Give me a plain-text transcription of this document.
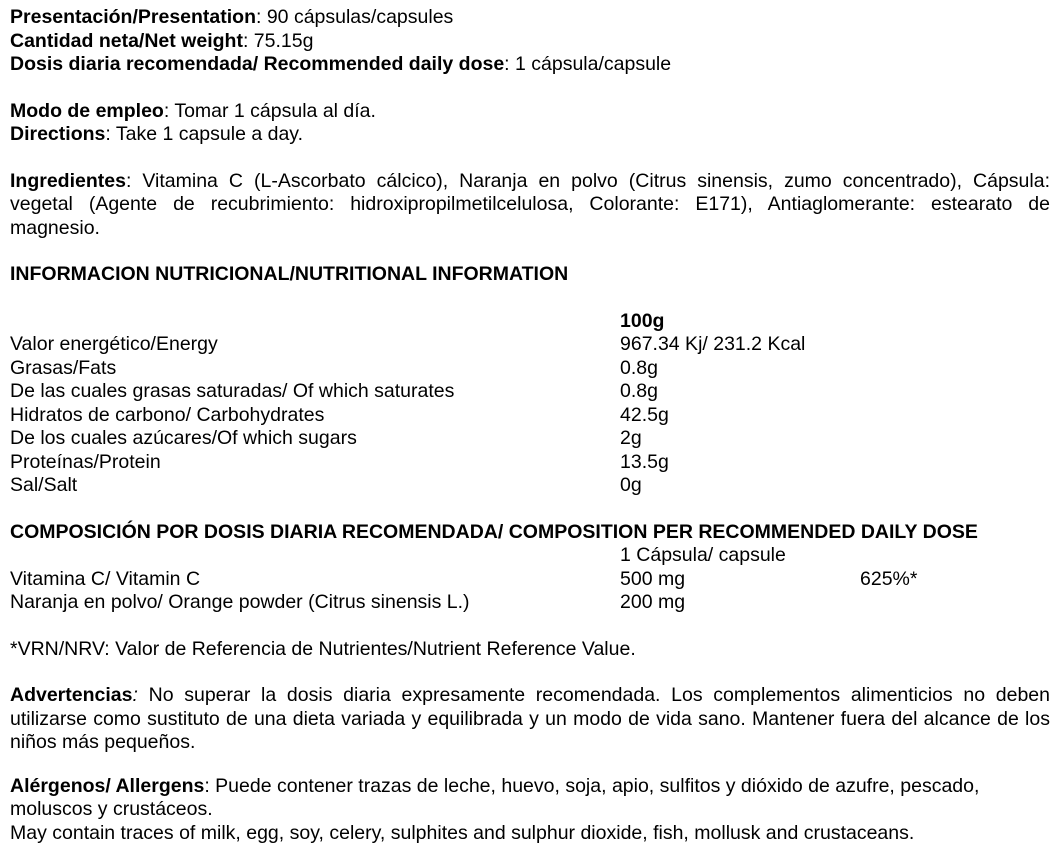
Presentación/Presentation: 90 cápsulas/capsules

Cantidad neta/Net weight: 75.15g

Dosis diaria recomendada/ Recommended daily dose: 1 cápsula/capsule

Modo de empleo: Tomar 1 cápsula al día.

Directions: Take 1 capsule a day.

Ingredientes: Vitamina C (L-Ascorbato cálcico), Naranja en polvo (Citrus sinensis, zumo concentrado), Cápsula: vegetal (Agente de recubrimiento: hidroxipropilmetilcelulosa, Colorante: E171), Antiaglomerante: estearato de magnesio.

INFORMACION NUTRICIONAL/NUTRITIONAL INFORMATION

	100g
Valor energético/Energy	967.34 Kj/ 231.2 Kcal
Grasas/Fats	0.8g
De las cuales grasas saturadas/ Of which saturates	0.8g
Hidratos de carbono/ Carbohydrates	42.5g
De los cuales azúcares/Of which sugars	2g
Proteínas/Protein	13.5g
Sal/Salt	0g

COMPOSICIÓN POR DOSIS DIARIA RECOMENDADA/ COMPOSITION PER RECOMMENDED DAILY DOSE

	1 Cápsula/ capsule	
Vitamina C/ Vitamin C	500 mg	625%*
Naranja en polvo/ Orange powder (Citrus sinensis L.)	200 mg	

*VRN/NRV: Valor de Referencia de Nutrientes/Nutrient Reference Value.

Advertencias: No superar la dosis diaria expresamente recomendada. Los complementos alimenticios no deben utilizarse como sustituto de una dieta variada y equilibrada y un modo de vida sano. Mantener fuera del alcance de los niños más pequeños.

Alérgenos/ Allergens: Puede contener trazas de leche, huevo, soja, apio, sulfitos y dióxido de azufre, pescado, moluscos y crustáceos.

May contain traces of milk, egg, soy, celery, sulphites and sulphur dioxide, fish, mollusk and crustaceans.
